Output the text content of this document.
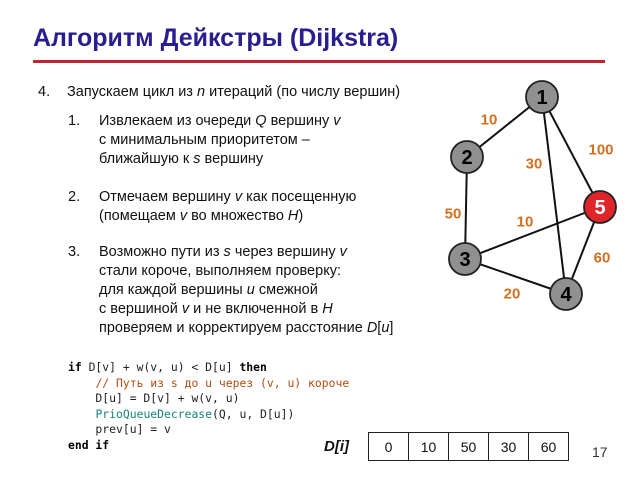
Алгоритм Дейкстры (Dijkstra)
4. Запускаем цикл из n итераций (по числу вершин)
1. Извлекаем из очереди Q вершину v
с минимальным приоритетом –
ближайшую к s вершину
2. Отмечаем вершину v как посещенную
(помещаем v во множество H)
3. Возможно пути из s через вершину v
стали короче, выполняем проверку:
для каждой вершины u смежной
с вершиной v и не включенной в H
проверяем и корректируем расстояние D[u]
if D[v] + w(v, u) < D[u] then
// Путь из s до u через (v, u) короче
D[u] = D[v] + w(v, u)
PrioQueueDecrease(Q, u, D[u])
prev[u] = v
end if	D[i]	0	10	50	30	60	17
10
100
30
50	10
20
60
1
2
3
4
5
